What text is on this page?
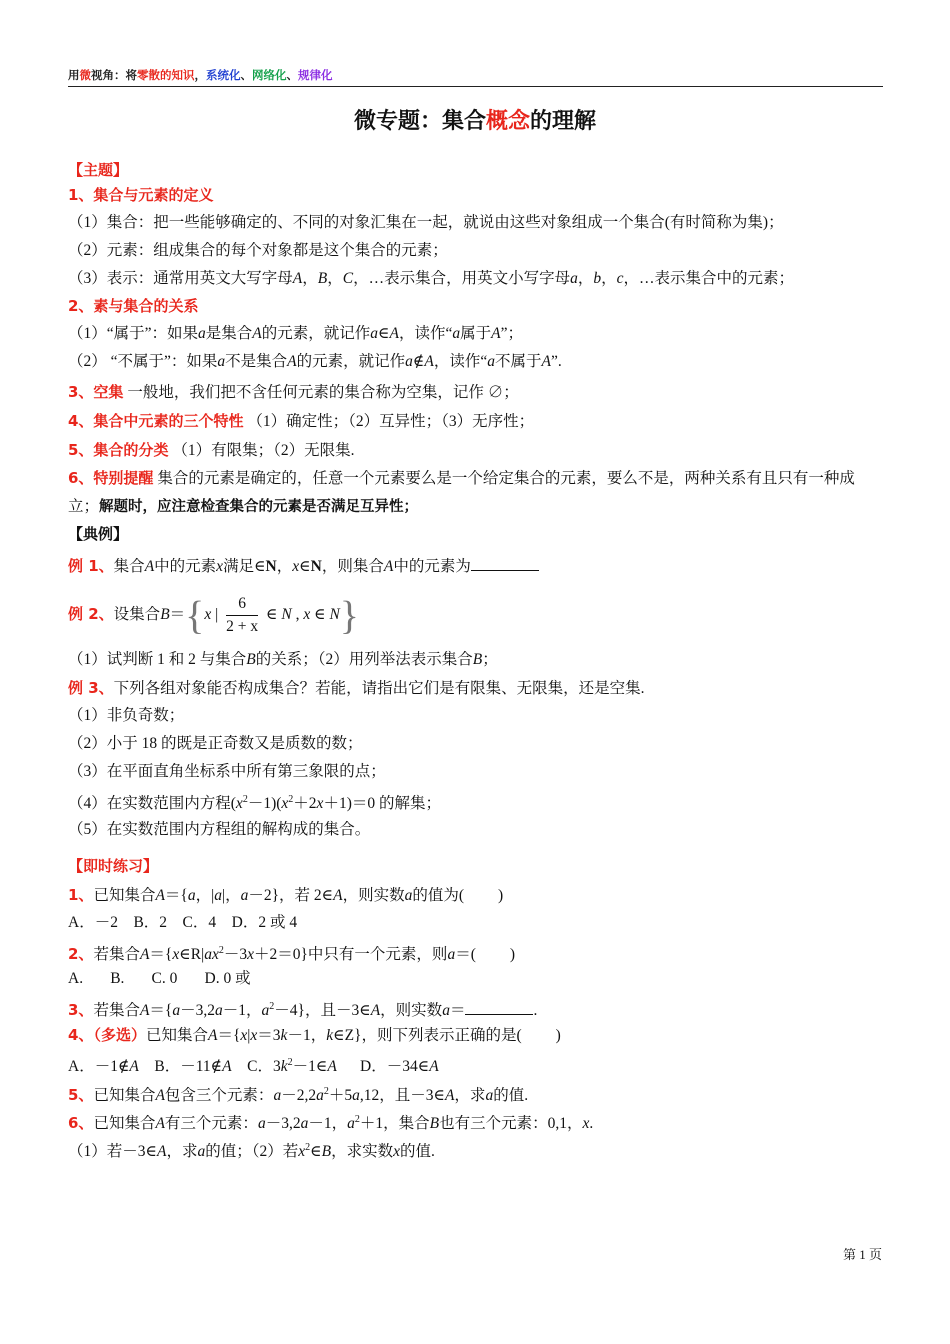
用微视角：将零散的知识，系统化、网络化、规律化
微专题：集合概念的理解
【主题】
1、集合与元素的定义
（1）集合：把一些能够确定的、不同的对象汇集在一起，就说由这些对象组成一个集合(有时简称为集)；
（2）元素：组成集合的每个对象都是这个集合的元素；
（3）表示：通常用英文大写字母A，B，C，…表示集合，用英文小写字母a，b，c，…表示集合中的元素；
2、素与集合的关系
（1）“属于”：如果a是集合A的元素，就记作a∈A，读作“a属于A”；
（2） “不属于”：如果a不是集合A的元素，就记作a∉A，读作“a不属于A”.
3、空集 一般地，我们把不含任何元素的集合称为空集，记作 ∅；
4、集合中元素的三个特性 （1）确定性；（2）互异性；（3）无序性；
5、集合的分类 （1）有限集；（2）无限集.
6、特别提醒 集合的元素是确定的，任意一个元素要么是一个给定集合的元素，要么不是，两种关系有且只有一种成立；解题时，应注意检查集合的元素是否满足互异性；
【典例】
例 1、集合A中的元素x满足∈N，x∈N，则集合A中的元素为
例 2、设集合B＝{x | $\frac{6}{2 + x}$ ∈ N , x ∈ N}
（1）试判断 1 和 2 与集合B的关系；（2）用列举法表示集合B；
例 3、下列各组对象能否构成集合？若能，请指出它们是有限集、无限集，还是空集.
（1）非负奇数；
（2）小于 18 的既是正奇数又是质数的数；
（3）在平面直角坐标系中所有第三象限的点；
（4）在实数范围内方程$(x^2-1)(x^2+2x+1)=0$ 的解集；
（5）在实数范围内方程组的解构成的集合。
【即时练习】
1、已知集合A＝{a，|a|，a－2}，若 2∈A，则实数a的值为( )
A．－2    B．2    C．4    D．2 或 4
2、若集合$A=\{x\in R|ax^2-3x+2=0\}$中只有一个元素，则a＝( )
A.       B.       C. 0       D. 0 或
3、若集合A＝{a－3,2a－1，$a^2-4$}，且－3∈A，则实数a＝	.
4、（多选）已知集合A＝{x|x＝3k－1，k∈Z}，则下列表示正确的是( )
A．－1∉A    B．－11∉A    C．$3k^2-1\in A$      D．－34∈A
5、已知集合A包含三个元素：$a-2,2a^2+5a,12$，且－3∈A，求a的值.
6、已知集合A有三个元素：a－3,2a－1，$a^2+1$，集合B也有三个元素：0,1，x.
（1）若－3∈A，求a的值；（2）若$x^2\in B$，求实数x的值.
第 1 页
